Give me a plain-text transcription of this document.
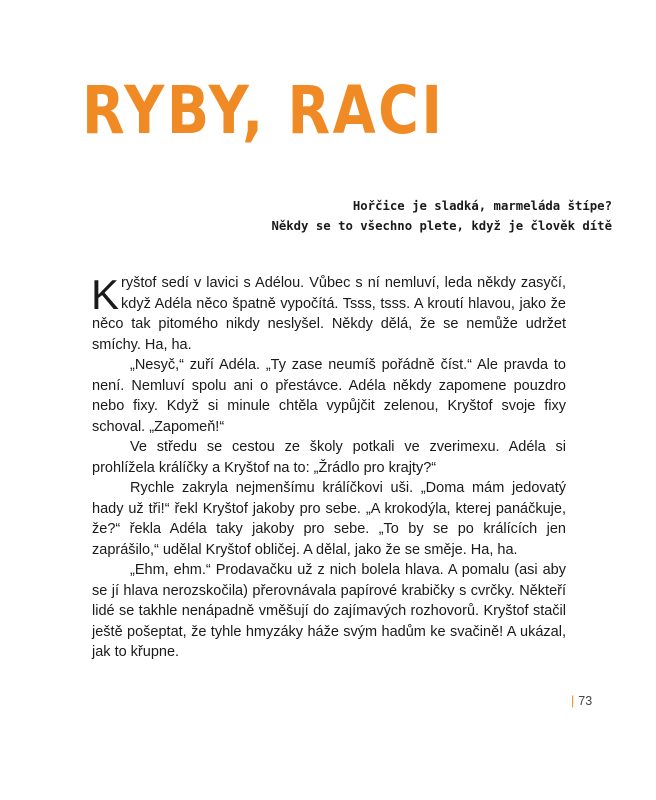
RYBY, RACI
Hořčice je sladká, marmeláda štípe?
Někdy se to všechno plete, když je člověk dítě

Kryštof sedí v lavici s Adélou. Vůbec s ní nemluví, leda někdy zasyčí, když Adéla něco špatně vypočítá. Tsss, tsss. A kroutí hlavou, jako že něco tak pitomého nikdy neslyšel. Někdy dělá, že se nemůže udržet smíchy. Ha, ha.

„Nesyč,“ zuří Adéla. „Ty zase neumíš pořádně číst.“ Ale pravda to není. Nemluví spolu ani o přestávce. Adéla někdy zapomene pouzdro nebo fixy. Když si minule chtěla vypůjčit zelenou, Kryštof svoje fixy schoval. „Zapomeň!“

Ve středu se cestou ze školy potkali ve zverimexu. Adéla si prohlížela králíčky a Kryštof na to: „Žrádlo pro krajty?“

Rychle zakryla nejmenšímu králíčkovi uši. „Doma mám jedovatý hady už tři!“ řekl Kryštof jakoby pro sebe. „A krokodýla, kterej panáčkuje, že?“ řekla Adéla taky jakoby pro sebe. „To by se po králících jen zaprášilo,“ udělal Kryštof obličej. A dělal, jako že se směje. Ha, ha.

„Ehm, ehm.“ Prodavačku už z nich bolela hlava. A pomalu (asi aby se jí hlava nerozskočila) přerovnávala papírové krabičky s cvrčky. Někteří lidé se takhle nenápadně vměšují do zajímavých rozhovorů. Kryštof stačil ještě pošeptat, že tyhle hmyzáky háže svým hadům ke svačině! A ukázal, jak to křupne.

| 73
